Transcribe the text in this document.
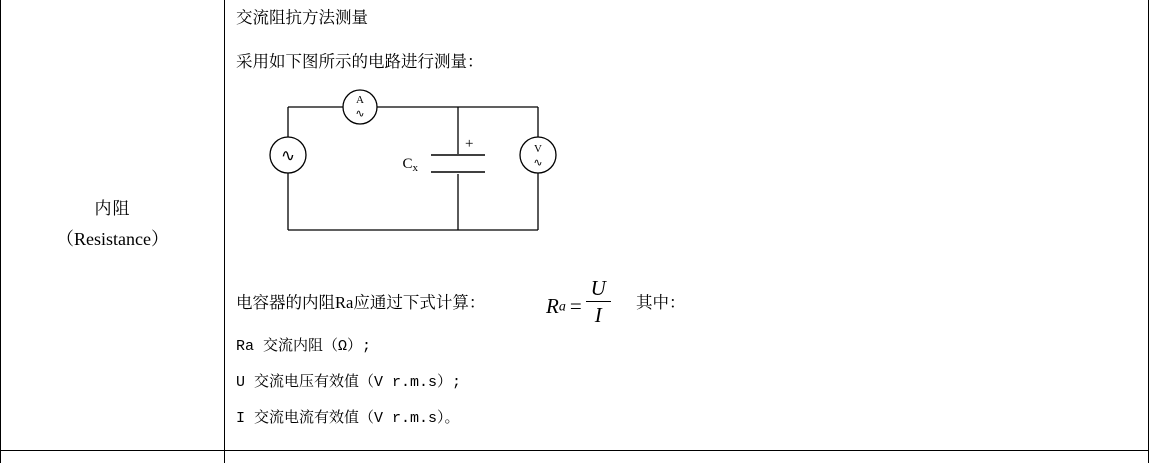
内阻
（Resistance）
交流阻抗方法测量
采用如下图所示的电路进行测量：
A
∿
∿	V
∿
$C_x$
+
电容器的内阻Ra应通过下式计算：	$R_a = \frac{U}{I}$ 其中：
Ra 交流内阻（Ω）;
U 交流电压有效值（V r.m.s）;
I 交流电流有效值（V r.m.s）。
